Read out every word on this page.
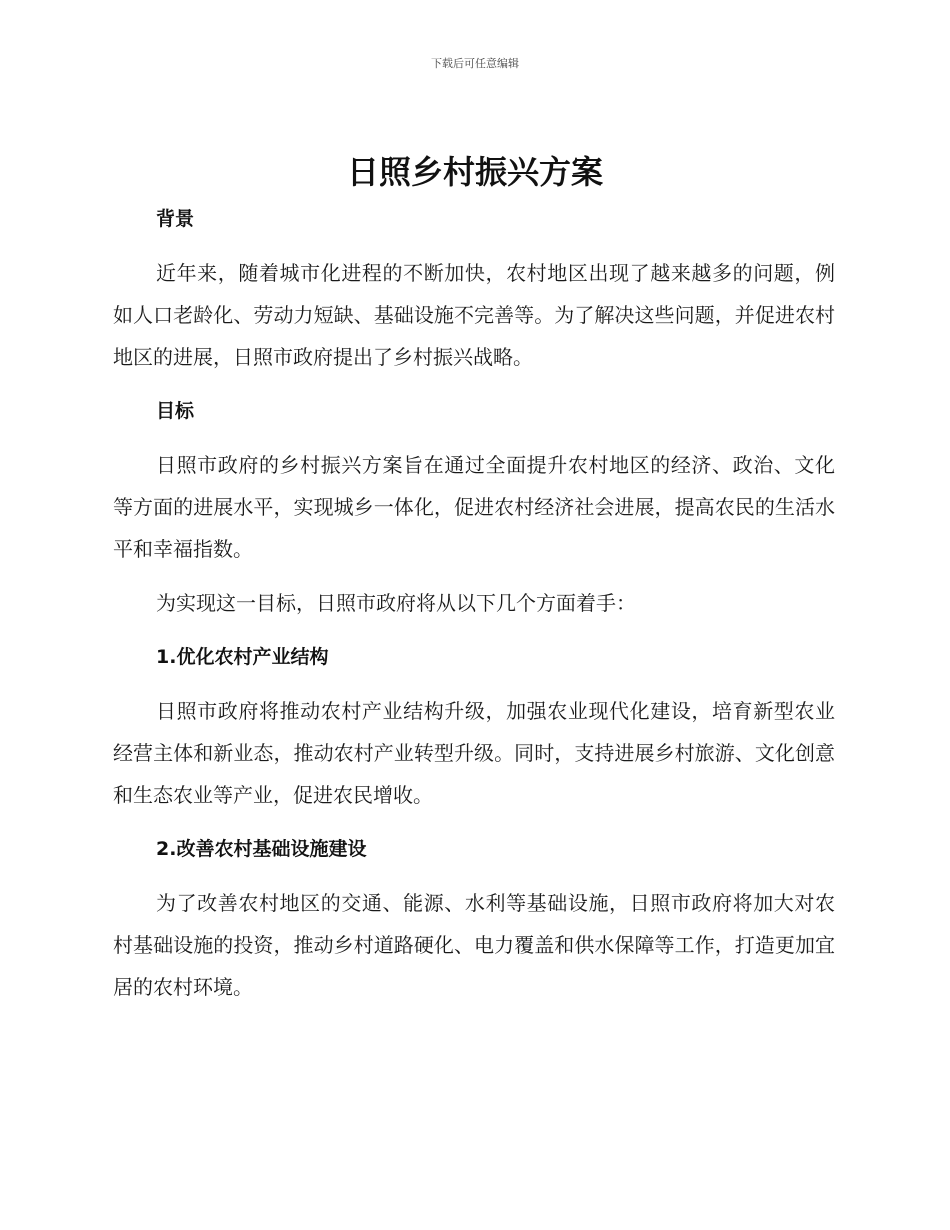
下载后可任意编辑
日照乡村振兴方案
背景

近年来，随着城市化进程的不断加快，农村地区出现了越来越多的问题，例如人口老龄化、劳动力短缺、基础设施不完善等。为了解决这些问题，并促进农村地区的进展，日照市政府提出了乡村振兴战略。

目标

日照市政府的乡村振兴方案旨在通过全面提升农村地区的经济、政治、文化等方面的进展水平，实现城乡一体化，促进农村经济社会进展，提高农民的生活水平和幸福指数。

为实现这一目标，日照市政府将从以下几个方面着手：

1.优化农村产业结构

日照市政府将推动农村产业结构升级，加强农业现代化建设，培育新型农业经营主体和新业态，推动农村产业转型升级。同时，支持进展乡村旅游、文化创意和生态农业等产业，促进农民增收。

2.改善农村基础设施建设

为了改善农村地区的交通、能源、水利等基础设施，日照市政府将加大对农村基础设施的投资，推动乡村道路硬化、电力覆盖和供水保障等工作，打造更加宜居的农村环境。
